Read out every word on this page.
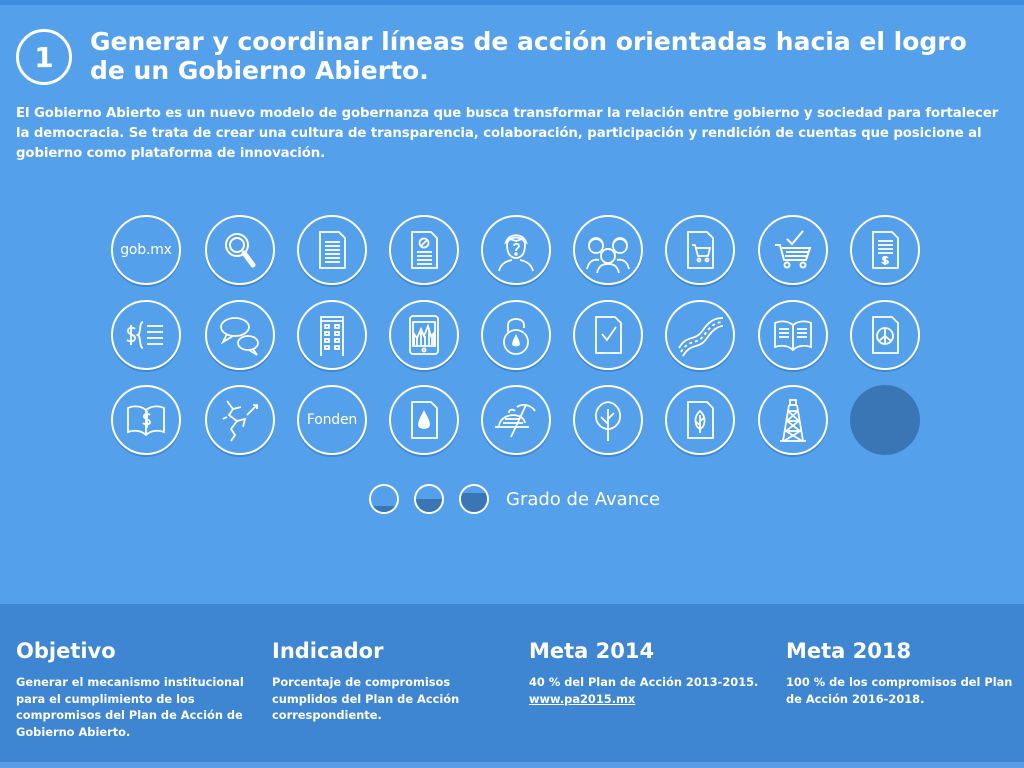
1 Generar y coordinar líneas de acción orientadas hacia el logro de un Gobierno Abierto.

El Gobierno Abierto es un nuevo modelo de gobernanza que busca transformar la relación entre gobierno y sociedad para fortalecer la democracia. Se trata de crear una cultura de transparencia, colaboración, participación y rendición de cuentas que posicione al gobierno como plataforma de innovación.

gob.mx
Fonden
Grado de Avance
Objetivo

Generar el mecanismo institucional para el cumplimiento de los compromisos del Plan de Acción de Gobierno Abierto.

Indicador

Porcentaje de compromisos cumplidos del Plan de Acción correspondiente.

Meta 2014

40 % del Plan de Acción 2013-2015.
www.pa2015.mx

Meta 2018

100 % de los compromisos del Plan de Acción 2016-2018.
